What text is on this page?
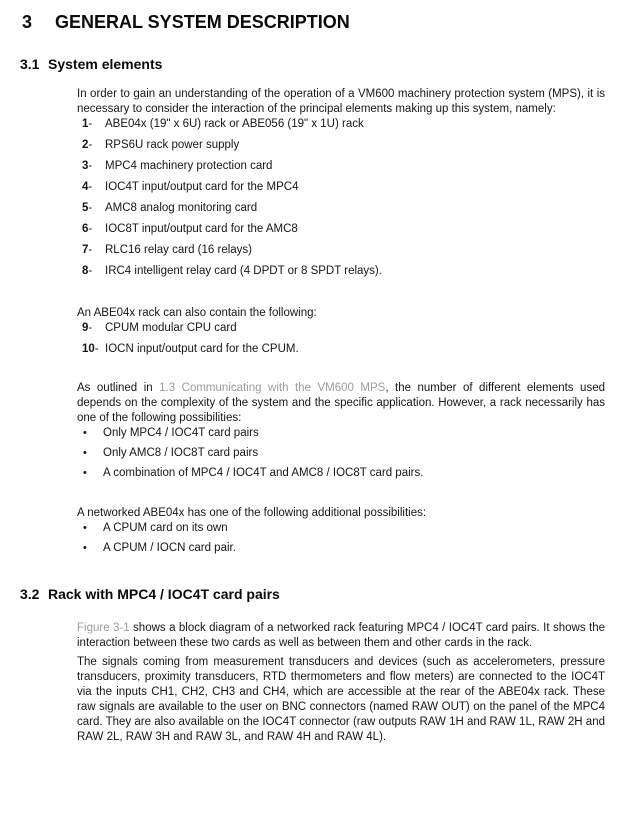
3	GENERAL SYSTEM DESCRIPTION
3.1 System elements

In order to gain an understanding of the operation of a VM600 machinery protection system (MPS), it is necessary to consider the interaction of the principal elements making up this system, namely:

1-	ABE04x (19" x 6U) rack or ABE056 (19" x 1U) rack
2-	RPS6U rack power supply
3-	MPC4 machinery protection card
4-	IOC4T input/output card for the MPC4
5-	AMC8 analog monitoring card
6-	IOC8T input/output card for the AMC8
7-	RLC16 relay card (16 relays)
8-	IRC4 intelligent relay card (4 DPDT or 8 SPDT relays).

An ABE04x rack can also contain the following:

9-	CPUM modular CPU card
10- IOCN input/output card for the CPUM.

As outlined in 1.3 Communicating with the VM600 MPS, the number of different elements used depends on the complexity of the system and the specific application. However, a rack necessarily has one of the following possibilities:

•	Only MPC4 / IOC4T card pairs
•	Only AMC8 / IOC8T card pairs
•	A combination of MPC4 / IOC4T and AMC8 / IOC8T card pairs.

A networked ABE04x has one of the following additional possibilities:

•	A CPUM card on its own
•	A CPUM / IOCN card pair.
3.2 Rack with MPC4 / IOC4T card pairs

Figure 3-1 shows a block diagram of a networked rack featuring MPC4 / IOC4T card pairs. It shows the interaction between these two cards as well as between them and other cards in the rack.

The signals coming from measurement transducers and devices (such as accelerometers, pressure transducers, proximity transducers, RTD thermometers and flow meters) are connected to the IOC4T via the inputs CH1, CH2, CH3 and CH4, which are accessible at the rear of the ABE04x rack. These raw signals are available to the user on BNC connectors (named RAW OUT) on the panel of the MPC4 card. They are also available on the IOC4T connector (raw outputs RAW 1H and RAW 1L, RAW 2H and RAW 2L, RAW 3H and RAW 3L, and RAW 4H and RAW 4L).
